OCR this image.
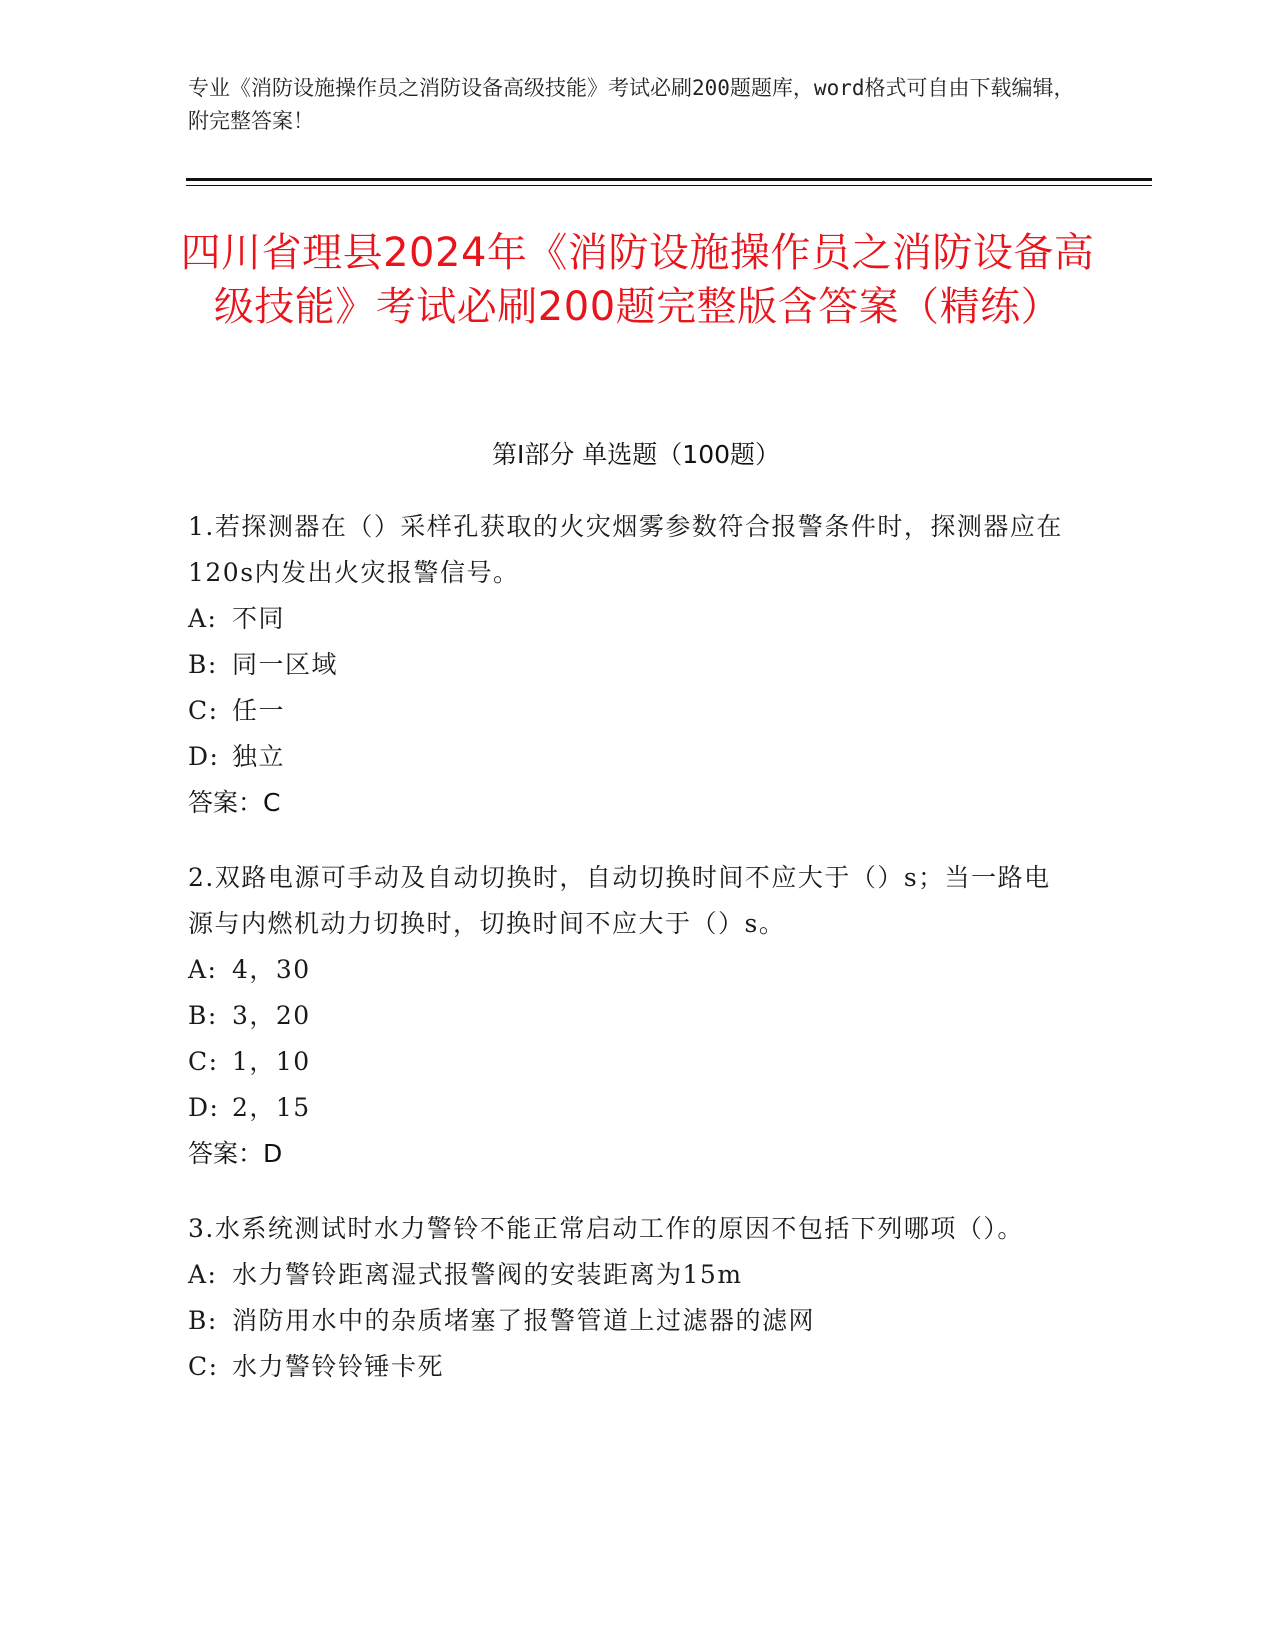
专业《消防设施操作员之消防设备高级技能》考试必刷200题题库，word格式可自由下载编辑，附完整答案！
四川省理县2024年《消防设施操作员之消防设备高级技能》考试必刷200题完整版含答案（精练）
第I部分 单选题（100题）
1.若探测器在（）采样孔获取的火灾烟雾参数符合报警条件时，探测器应在120s内发出火灾报警信号。
A: 不同
B: 同一区域
C: 任一
D: 独立
答案：C
2.双路电源可手动及自动切换时，自动切换时间不应大于（）s；当一路电源与内燃机动力切换时，切换时间不应大于（）s。
A: 4，30
B: 3，20
C: 1，10
D: 2，15
答案：D
3.水系统测试时水力警铃不能正常启动工作的原因不包括下列哪项（）。
A: 水力警铃距离湿式报警阀的安装距离为15m
B: 消防用水中的杂质堵塞了报警管道上过滤器的滤网
C: 水力警铃铃锤卡死
